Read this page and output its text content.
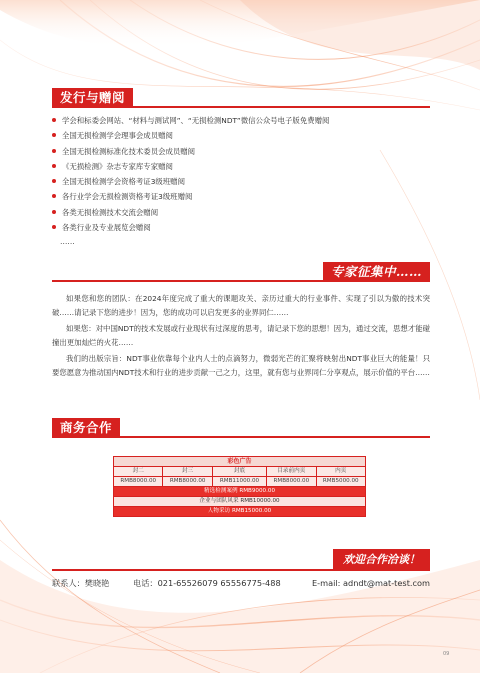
发行与赠阅
学会和标委会网站、“材料与测试网”、“无损检测NDT”微信公众号电子版免费赠阅
全国无损检测学会理事会成员赠阅
全国无损检测标准化技术委员会成员赠阅
《无损检测》杂志专家库专家赠阅
全国无损检测学会资格考证3级班赠阅
各行业学会无损检测资格考证3级班赠阅
各类无损检测技术交流会赠阅
各类行业及专业展览会赠阅
……
专家征集中……

如果您和您的团队：在2024年度完成了重大的课题攻关、亲历过重大的行业事件、实现了引以为傲的技术突破……请记录下您的进步！因为，您的成功可以启发更多的业界同仁……

如果您：对中国NDT的技术发展或行业现状有过深度的思考，请记录下您的思想！因为，通过交流，思想才能碰撞出更加灿烂的火花……

我们的出版宗旨：NDT事业依靠每个业内人士的点滴努力，微弱光芒的汇聚将映射出NDT事业巨大的能量！只要您愿意为推动国内NDT技术和行业的进步贡献一己之力，这里，就有您与业界同仁分享观点，展示价值的平台……

商务合作
彩色广告				
封二	封三	封底	目录前内页	内页
RMB8000.00	RMB8000.00	RMB11000.00	RMB8000.00	RMB5000.00
精选检测案例 RMB9000.00				
企业与团队风采 RMB10000.00				
人物采访 RMB15000.00				
欢迎合作洽谈！
联系人：樊晓艳	电话：021-65526079 65556775-488	E-mail: adndt@mat-test.com
09
